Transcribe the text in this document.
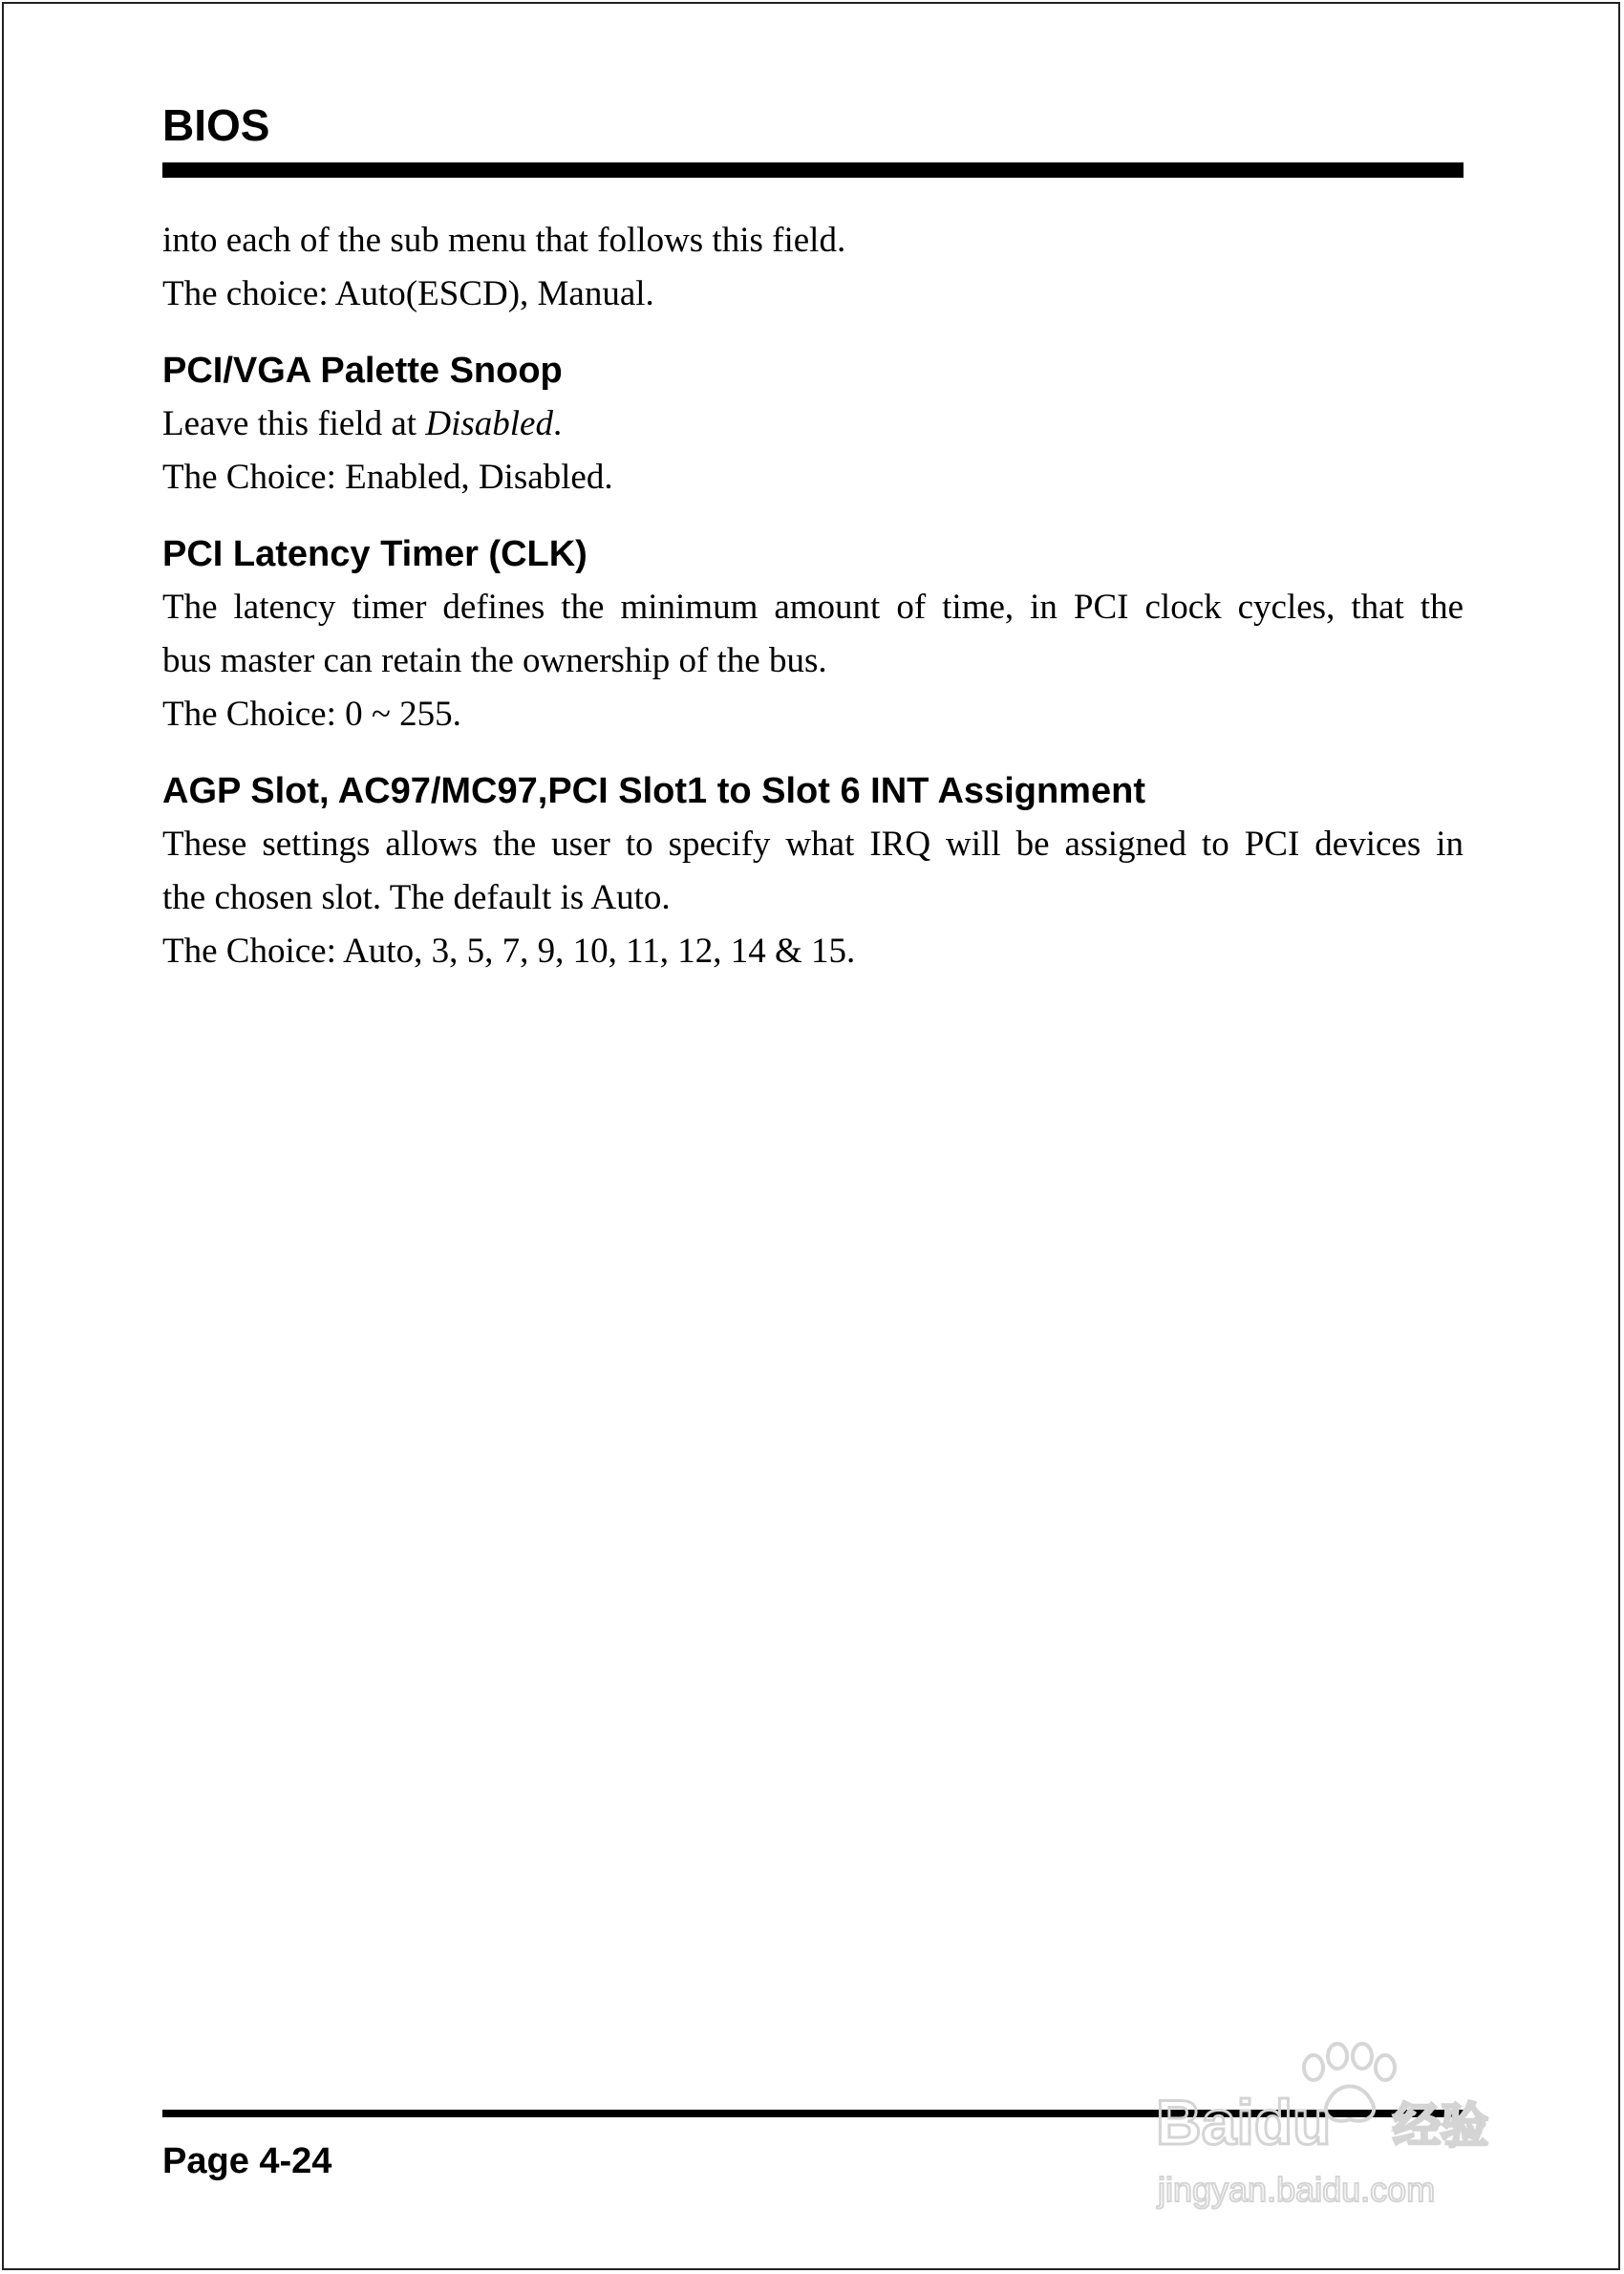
BIOS
into each of the sub menu that follows this field.
The choice: Auto(ESCD), Manual.
PCI/VGA Palette Snoop
Leave this field at Disabled.
The Choice: Enabled, Disabled.
PCI Latency Timer (CLK)
The latency timer defines the minimum amount of time, in PCI clock cycles, that the
bus master can retain the ownership of the bus.
The Choice: 0 ~ 255.
AGP Slot, AC97/MC97,PCI Slot1 to Slot 6 INT Assignment
These settings allows the user to specify what IRQ will be assigned to PCI devices in
the chosen slot. The default is Auto.
The Choice: Auto, 3, 5, 7, 9, 10, 11, 12, 14 & 15.
Page 4-24
Baidu 经验
jingyan.baidu.com
